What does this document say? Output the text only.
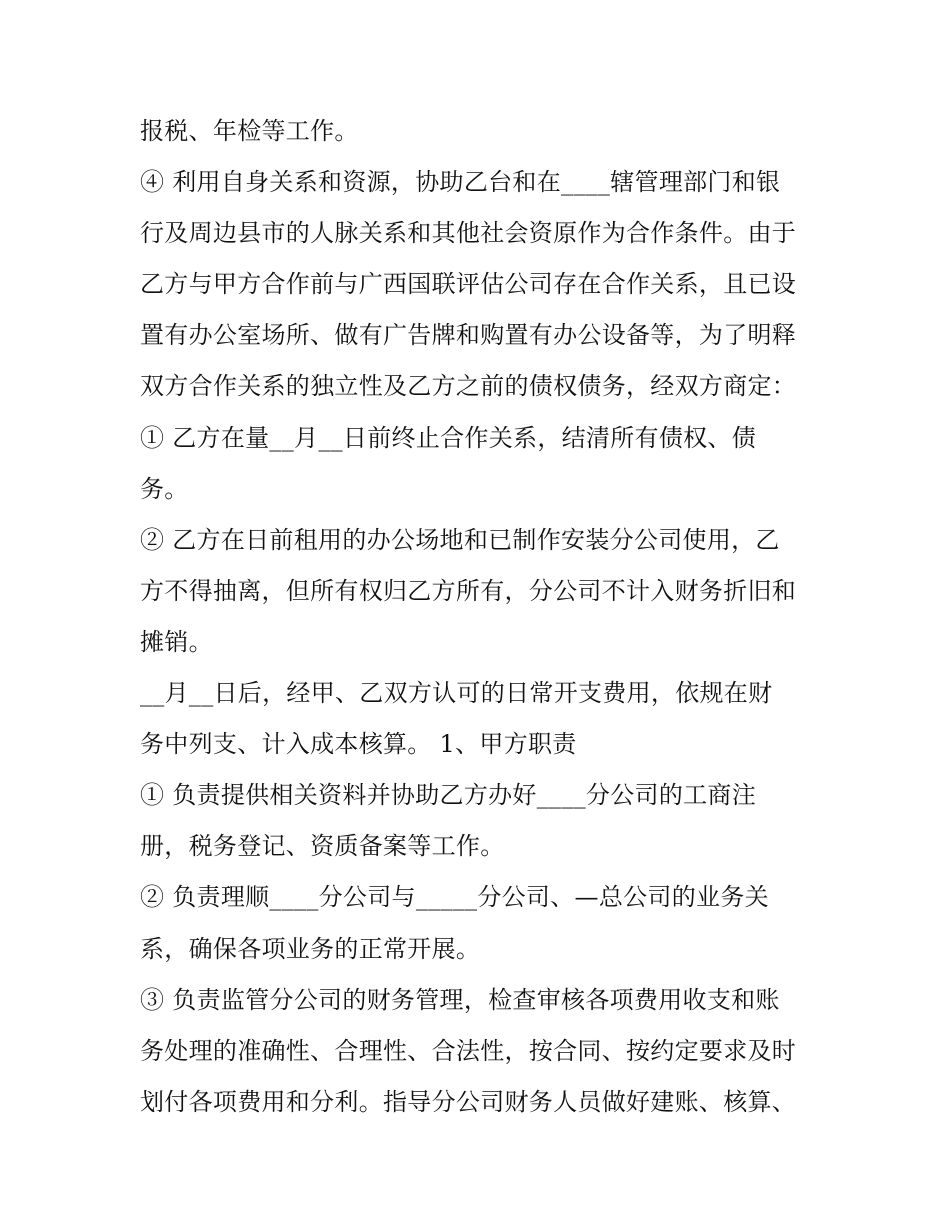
报税、年检等工作。
④ 利用自身关系和资源，协助乙台和在____辖管理部门和银
行及周边县市的人脉关系和其他社会资原作为合作条件。由于
乙方与甲方合作前与广西国联评估公司存在合作关系，且已设
置有办公室场所、做有广告牌和购置有办公设备等，为了明释
双方合作关系的独立性及乙方之前的债权债务，经双方商定：
① 乙方在量__月__日前终止合作关系，结清所有债权、债
务。
② 乙方在日前租用的办公场地和已制作安装分公司使用，乙
方不得抽离，但所有权归乙方所有，分公司不计入财务折旧和
摊销。
__月__日后，经甲、乙双方认可的日常开支费用，依规在财
务中列支、计入成本核算。 1、甲方职责
① 负责提供相关资料并协助乙方办好____分公司的工商注
册，税务登记、资质备案等工作。
② 负责理顺____分公司与_____分公司、—总公司的业务关
系，确保各项业务的正常开展。
③ 负责监管分公司的财务管理，检查审核各项费用收支和账
务处理的准确性、合理性、合法性，按合同、按约定要求及时
划付各项费用和分利。指导分公司财务人员做好建账、核算、
